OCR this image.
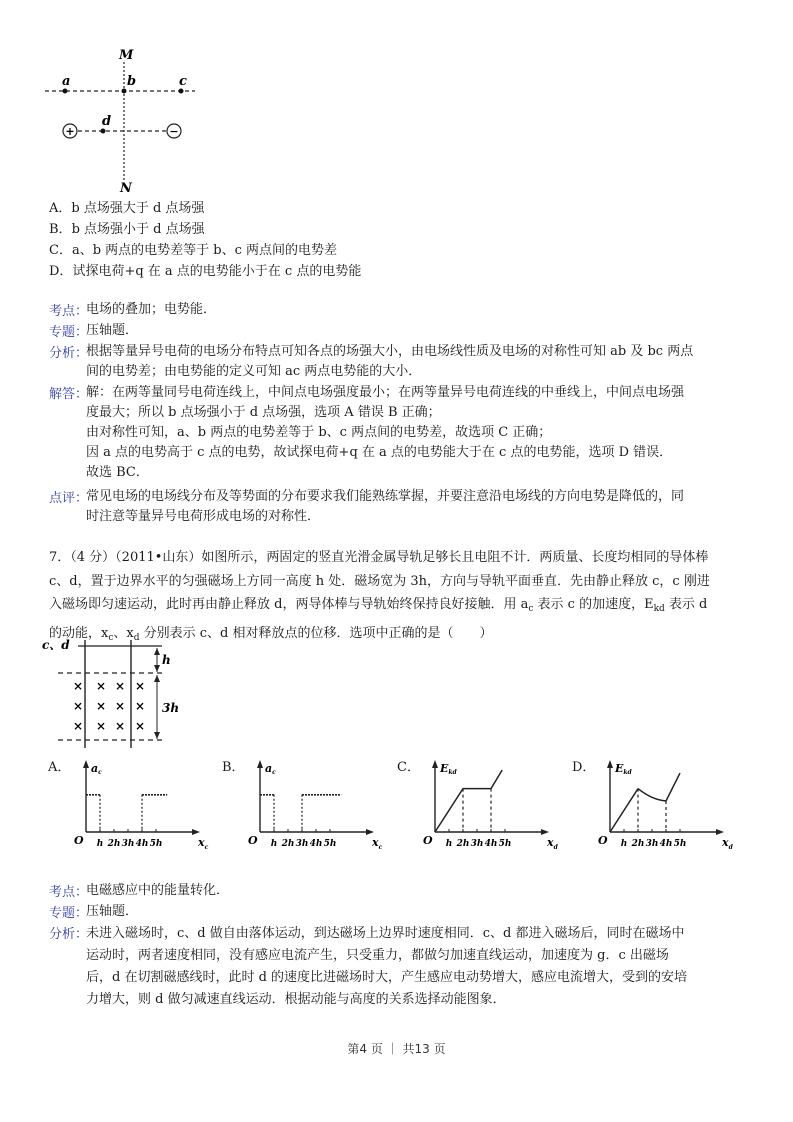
+	−
M
N
a	b	c
d
A．b 点场强大于 d 点场强
B．b 点场强小于 d 点场强
C．a、b 两点的电势差等于 b、c 两点间的电势差
D．试探电荷+q 在 a 点的电势能小于在 c 点的电势能
考点：

电场的叠加；电势能．

专题：

压轴题．

分析：

根据等量异号电荷的电场分布特点可知各点的场强大小，由电场线性质及电场的对称性可知 ab 及 bc 两点

间的电势差；由电势能的定义可知 ac 两点电势能的大小．

解答：

解：在两等量同号电荷连线上，中间点电场强度最小；在两等量异号电荷连线的中垂线上，中间点电场强

度最大；所以 b 点场强小于 d 点场强，选项 A 错误 B 正确；

由对称性可知，a、b 两点的电势差等于 b、c 两点间的电势差，故选项 C 正确；

因 a 点的电势高于 c 点的电势，故试探电荷+q 在 a 点的电势能大于在 c 点的电势能，选项 D 错误．

故选 BC．

点评：

常见电场的电场线分布及等势面的分布要求我们能熟练掌握，并要注意沿电场线的方向电势是降低的，同

时注意等量异号电荷形成电场的对称性．

7．（4 分）（2011•山东）如图所示，两固定的竖直光滑金属导轨足够长且电阻不计．两质量、长度均相同的导体棒

c、d，置于边界水平的匀强磁场上方同一高度 h 处．磁场宽为 3h，方向与导轨平面垂直．先由静止释放 c，c 刚进

入磁场即匀速运动，此时再由静止释放 d，两导体棒与导轨始终保持良好接触．用 $a_c$ 表示 c 的加速度，$E_{kd}$ 表示 d

的动能，$x_c$、$x_d$ 分别表示 c、d 相对释放点的位移．选项中正确的是（　　）

c、d
h
3h
× × × ×
× × × ×
× × × ×
A．
h 2h 3h 4h 5h
O
ac
$x_c$
B．
h 2h 3h 4h 5h
O
ac
$x_c$
C．
h 2h 3h 4h 5h
O
Ekd
$x_d$
D．
h 2h 3h 4h 5h
O
Ekd
$x_d$
考点：

电磁感应中的能量转化．

专题：

压轴题．

分析：

未进入磁场时，c、d 做自由落体运动，到达磁场上边界时速度相同．c、d 都进入磁场后，同时在磁场中

运动时，两者速度相同，没有感应电流产生，只受重力，都做匀加速直线运动，加速度为 g．c 出磁场

后，d 在切割磁感线时，此时 d 的速度比进磁场时大，产生感应电动势增大，感应电流增大，受到的安培

力增大，则 d 做匀减速直线运动．根据动能与高度的关系选择动能图象．

第4 页 ｜ 共13 页
